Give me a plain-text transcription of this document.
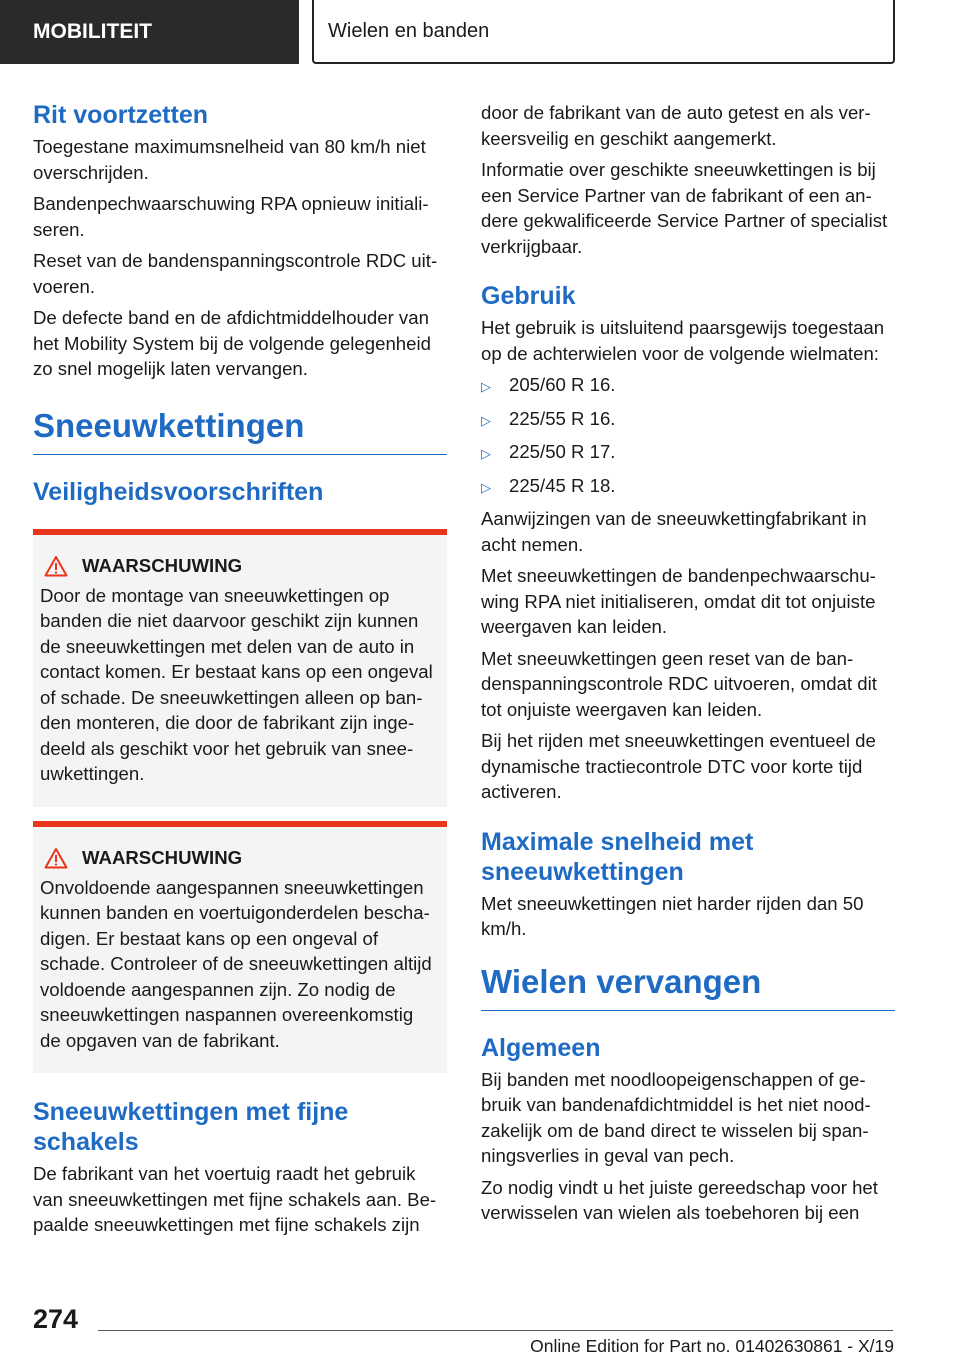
MOBILITEIT	Wielen en banden
Rit voortzetten

Toegestane maximumsnelheid van 80 km/h niet overschrijden.

Bandenpechwaarschuwing RPA opnieuw initialiseren.

Reset van de bandenspanningscontrole RDC uitvoeren.

De defecte band en de afdichtmiddelhouder van het Mobility System bij de volgende gelegenheid zo snel mogelijk laten vervangen.

Sneeuwkettingen
Veiligheidsvoorschriften
WAARSCHUWING

Door de montage van sneeuwkettingen op banden die niet daarvoor geschikt zijn kunnen de sneeuwkettingen met delen van de auto in contact komen. Er bestaat kans op een ongeval of schade. De sneeuwkettingen alleen op banden monteren, die door de fabrikant zijn ingedeeld als geschikt voor het gebruik van sneeuwkettingen.

WAARSCHUWING

Onvoldoende aangespannen sneeuwkettingen kunnen banden en voertuigonderdelen beschadigen. Er bestaat kans op een ongeval of schade. Controleer of de sneeuwkettingen altijd voldoende aangespannen zijn. Zo nodig de sneeuwkettingen naspannen overeenkomstig de opgaven van de fabrikant.

Sneeuwkettingen met fijne schakels

De fabrikant van het voertuig raadt het gebruik van sneeuwkettingen met fijne schakels aan. Bepaalde sneeuwkettingen met fijne schakels zijn

door de fabrikant van de auto getest en als verkeersveilig en geschikt aangemerkt.

Informatie over geschikte sneeuwkettingen is bij een Service Partner van de fabrikant of een andere gekwalificeerde Service Partner of specialist verkrijgbaar.

Gebruik

Het gebruik is uitsluitend paarsgewijs toegestaan op de achterwielen voor de volgende wielmaten:

▷ 205/60 R 16.
▷ 225/55 R 16.
▷ 225/50 R 17.
▷ 225/45 R 18.

Aanwijzingen van de sneeuwkettingfabrikant in acht nemen.

Met sneeuwkettingen de bandenpechwaarschuwing RPA niet initialiseren, omdat dit tot onjuiste weergaven kan leiden.

Met sneeuwkettingen geen reset van de bandenspanningscontrole RDC uitvoeren, omdat dit tot onjuiste weergaven kan leiden.

Bij het rijden met sneeuwkettingen eventueel de dynamische tractiecontrole DTC voor korte tijd activeren.

Maximale snelheid met sneeuwkettingen

Met sneeuwkettingen niet harder rijden dan 50 km/h.

Wielen vervangen
Algemeen

Bij banden met noodloopeigenschappen of gebruik van bandenafdichtmiddel is het niet noodzakelijk om de band direct te wisselen bij spanningsverlies in geval van pech.

Zo nodig vindt u het juiste gereedschap voor het verwisselen van wielen als toebehoren bij een

274
Online Edition for Part no. 01402630861 - X/19
